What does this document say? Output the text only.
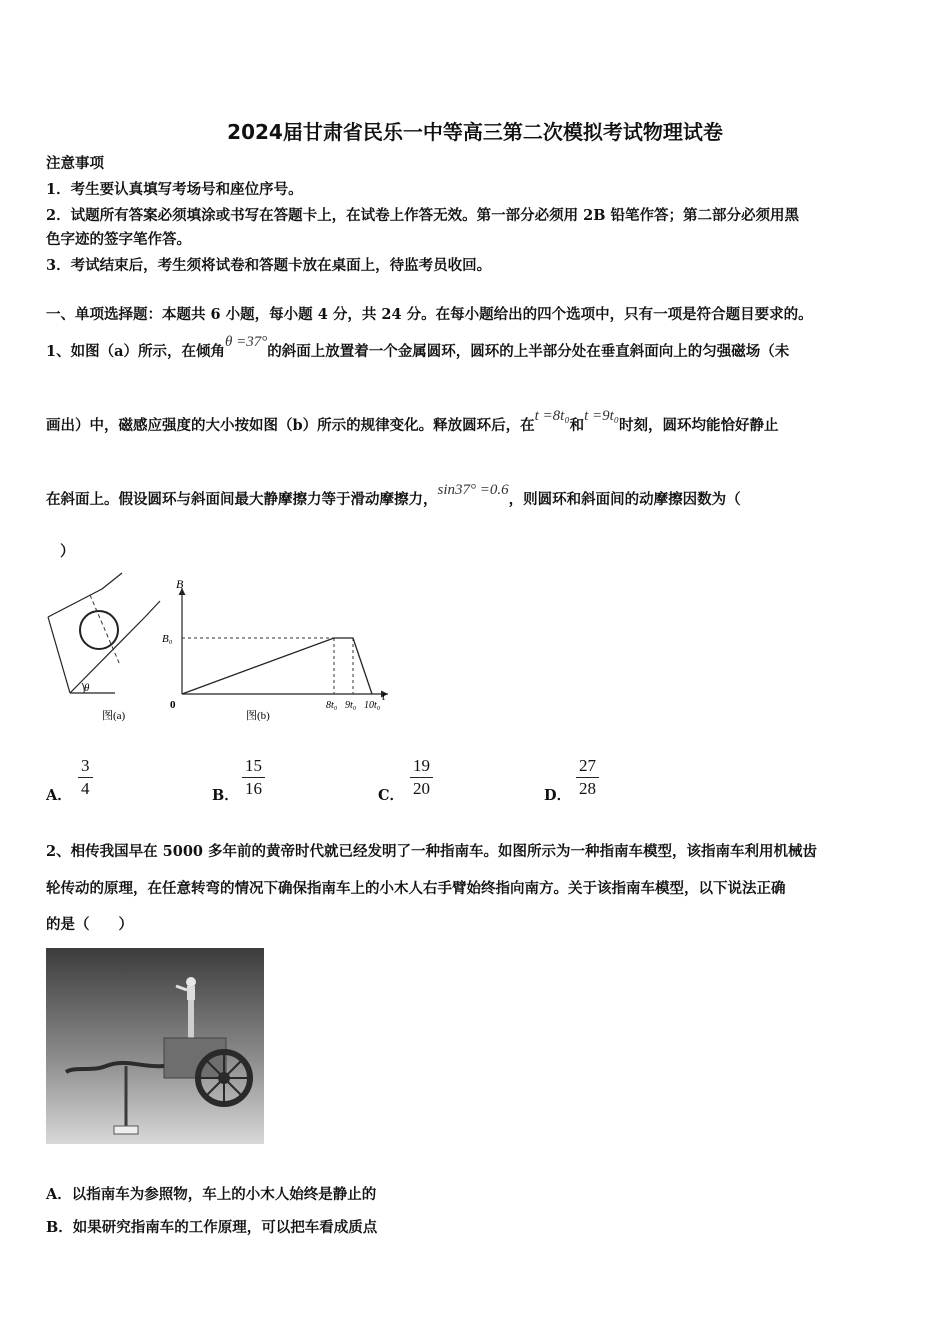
2024届甘肃省民乐一中等高三第二次模拟考试物理试卷
注意事项
1．考生要认真填写考场号和座位序号。
2．试题所有答案必须填涂或书写在答题卡上，在试卷上作答无效。第一部分必须用 2B 铅笔作答；第二部分必须用黑
色字迹的签字笔作答。
3．考试结束后，考生须将试卷和答题卡放在桌面上，待监考员收回。
一、单项选择题：本题共 6 小题，每小题 4 分，共 24 分。在每小题给出的四个选项中，只有一项是符合题目要求的。
1、如图（a）所示，在倾角θ =37°的斜面上放置着一个金属圆环，圆环的上半部分处在垂直斜面向上的匀强磁场（未
画出）中，磁感应强度的大小按如图（b）所示的规律变化。释放圆环后，在t =8t₀和t =9t₀时刻，圆环均能恰好静止
在斜面上。假设圆环与斜面间最大静摩擦力等于滑动摩擦力，sin37° =0.6，则圆环和斜面间的动摩擦因数为（
）
θ
图(a)
B
t
0
B₀
8t₀ 9t₀ 10t₀
图(b)
A．
3
4	B．
15
16	C．
19
20	D．
27
28
2、相传我国早在 5000 多年前的黄帝时代就已经发明了一种指南车。如图所示为一种指南车模型，该指南车利用机械齿
轮传动的原理，在任意转弯的情况下确保指南车上的小木人右手臂始终指向南方。关于该指南车模型，以下说法正确
的是（　　）
A．以指南车为参照物，车上的小木人始终是静止的
B．如果研究指南车的工作原理，可以把车看成质点
